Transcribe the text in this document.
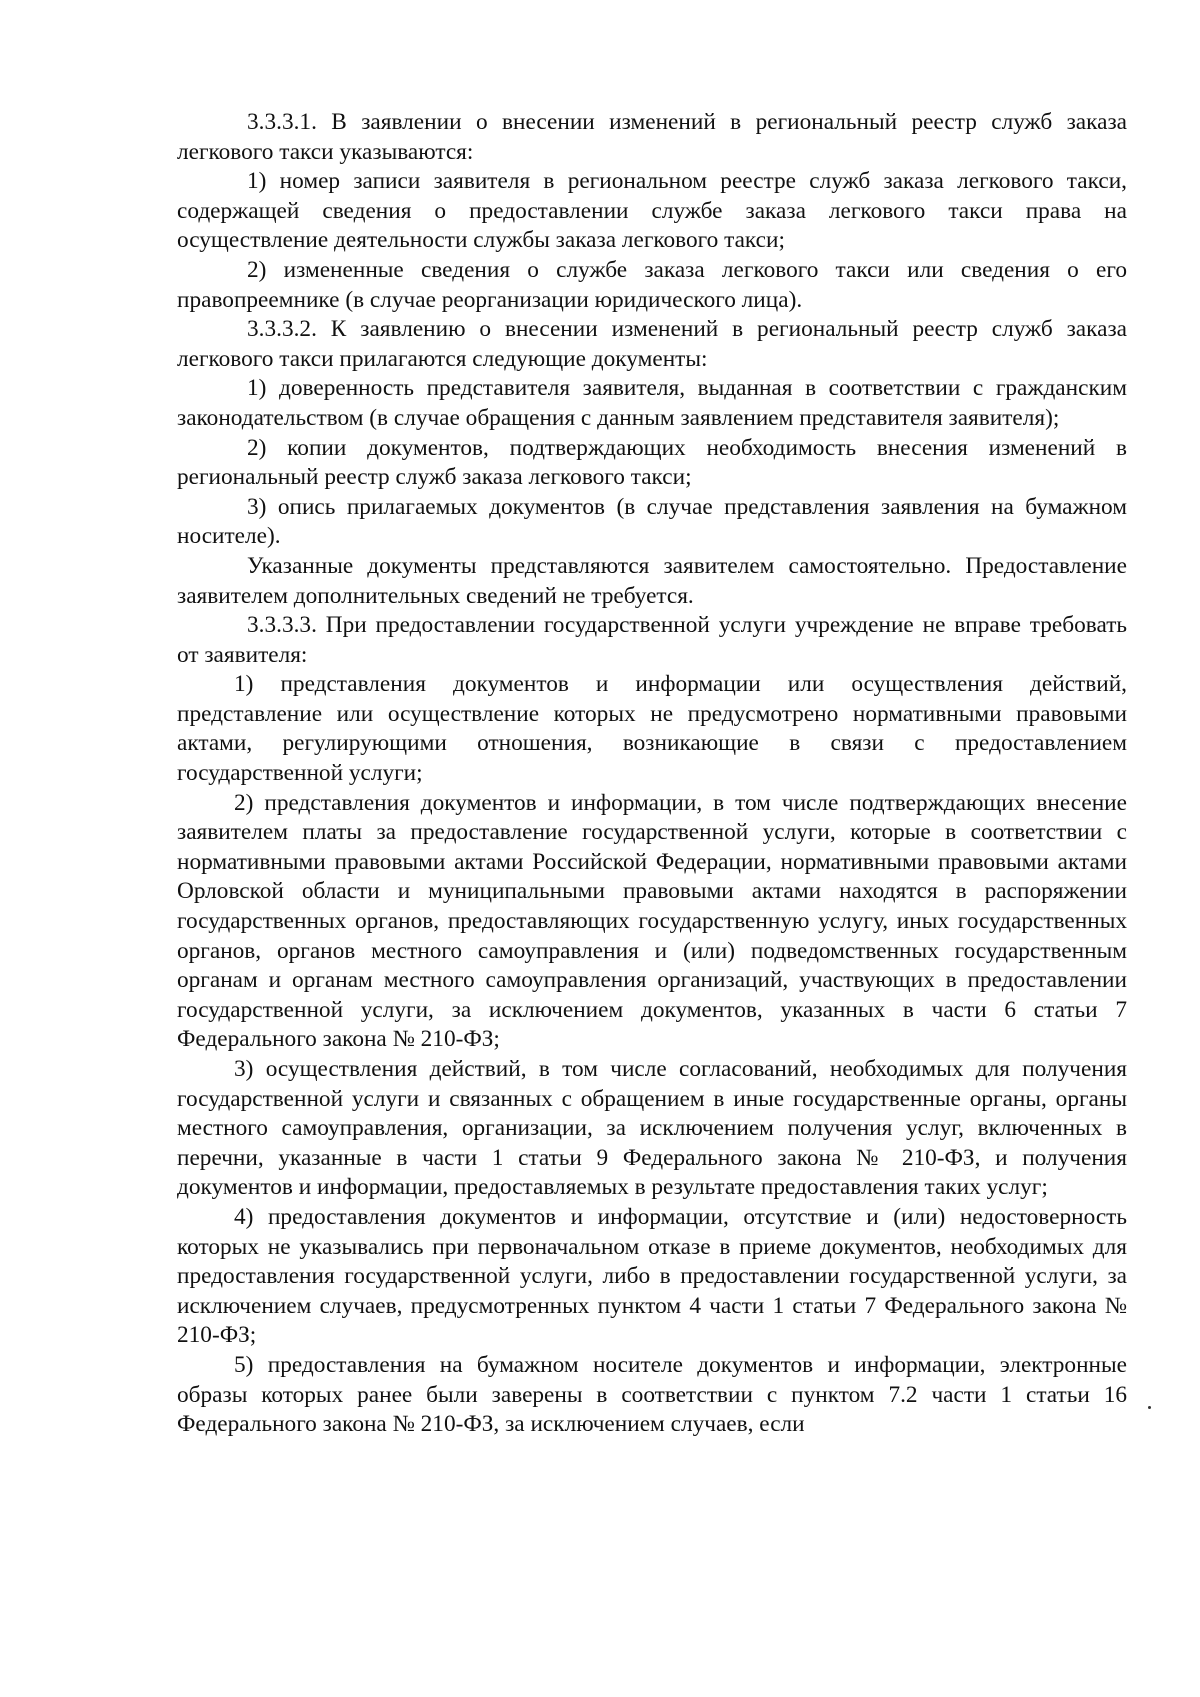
3.3.3.1. В заявлении о внесении изменений в региональный реестр служб заказа легкового такси указываются:

1) номер записи заявителя в региональном реестре служб заказа легкового такси, содержащей сведения о предоставлении службе заказа легкового такси права на осуществление деятельности службы заказа легкового такси;

2) измененные сведения о службе заказа легкового такси или сведения о его правопреемнике (в случае реорганизации юридического лица).

3.3.3.2. К заявлению о внесении изменений в региональный реестр служб заказа легкового такси прилагаются следующие документы:

1) доверенность представителя заявителя, выданная в соответствии с гражданским законодательством (в случае обращения с данным заявлением представителя заявителя);

2) копии документов, подтверждающих необходимость внесения изменений в региональный реестр служб заказа легкового такси;

3) опись прилагаемых документов (в случае представления заявления на бумажном носителе).

Указанные документы представляются заявителем самостоятельно. Предоставление заявителем дополнительных сведений не требуется.

3.3.3.3. При предоставлении государственной услуги учреждение не вправе требовать от заявителя:

1) представления документов и информации или осуществления действий, представление или осуществление которых не предусмотрено нормативными правовыми актами, регулирующими отношения, возникающие в связи с предоставлением государственной услуги;

2) представления документов и информации, в том числе подтверждающих внесение заявителем платы за предоставление государственной услуги, которые в соответствии с нормативными правовыми актами Российской Федерации, нормативными правовыми актами Орловской области и муниципальными правовыми актами находятся в распоряжении государственных органов, предоставляющих государственную услугу, иных государственных органов, органов местного самоуправления и (или) подведомственных государственным органам и органам местного самоуправления организаций, участвующих в предоставлении государственной услуги, за исключением документов, указанных в части 6 статьи 7 Федерального закона № 210-ФЗ;

3) осуществления действий, в том числе согласований, необходимых для получения государственной услуги и связанных с обращением в иные государственные органы, органы местного самоуправления, организации, за исключением получения услуг, включенных в перечни, указанные в части 1 статьи 9 Федерального закона № 210-ФЗ, и получения документов и информации, предоставляемых в результате предоставления таких услуг;

4) предоставления документов и информации, отсутствие и (или) недостоверность которых не указывались при первоначальном отказе в приеме документов, необходимых для предоставления государственной услуги, либо в предоставлении государственной услуги, за исключением случаев, предусмотренных пунктом 4 части 1 статьи 7 Федерального закона № 210-ФЗ;

5) предоставления на бумажном носителе документов и информации, электронные образы которых ранее были заверены в соответствии с пунктом 7.2 части 1 статьи 16 Федерального закона № 210-ФЗ, за исключением случаев, если
